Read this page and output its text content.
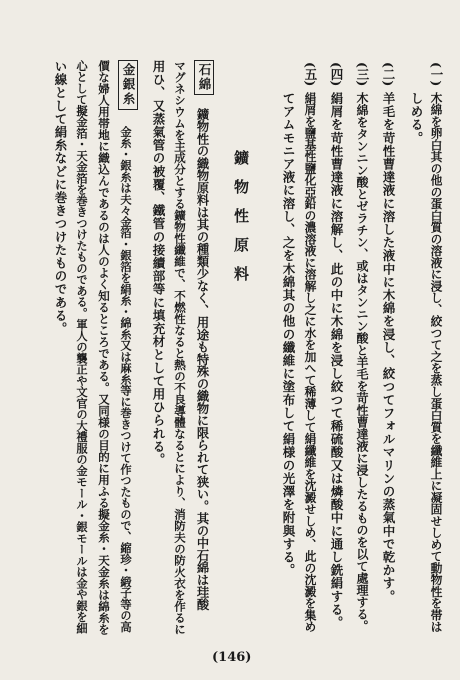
(一)
木綿を卵白其の他の蛋白質の溶液に浸し、絞つて之を蒸し蛋白質を纖維上に凝固せしめて動物性を帯は
しめる。
(二)
羊毛を苛性曹達液に溶した液中に木綿を浸し、絞つてフォルマリンの蒸氣中で乾かす。
(三)
木綿をタンニン酸とゼラチン、或はタンニン酸と羊毛を苛性曹達液に浸したるものを以て處理する。
(四)
絹屑を苛性曹達液に溶解し、此の中に木綿を浸し絞つて稀硫酸又は燐酸中に通し銑絹する。
(五)
絹屑を鹽基性鹽化亞鉛の濃溶液に溶解し之に水を加へて稀薄して絹纖維を沈澱せしめ、此の沈澱を集め
てアムモニア液に溶し、之を木綿其の他の纖維に塗布して絹様の光澤を附與する。
鑛物性原料
石綿
鑛物性の織物原料は其の種類少なく、用途も特殊の織物に限られて狭い。其の中石綿は珪酸
マグネシウムを主成分とする鑛物性纖維で、不燃性なると熱の不良導體なるとにより、消防夫の防火衣を作るに
用ひ、又蒸氣管の被覆、鐵管の接續部等に填充材として用ひられる。
金銀糸
金糸・銀糸は夫々金箔・銀箔を絹糸・綿糸又は麻糸等に巻きつけて作つたもので、縮珍・緞子等の高
價な婦人用帯地に織込んであるのは人のよく知るところである。又同様の目的に用ふる擬金糸・天金糸は綿糸を
心として擬金箔・天金箔を巻きつけたものである。軍人の襲正や文官の大禮服の金モール・銀モールは金や銀を細
い線として絹糸などに巻きつけたものである。
(146)
